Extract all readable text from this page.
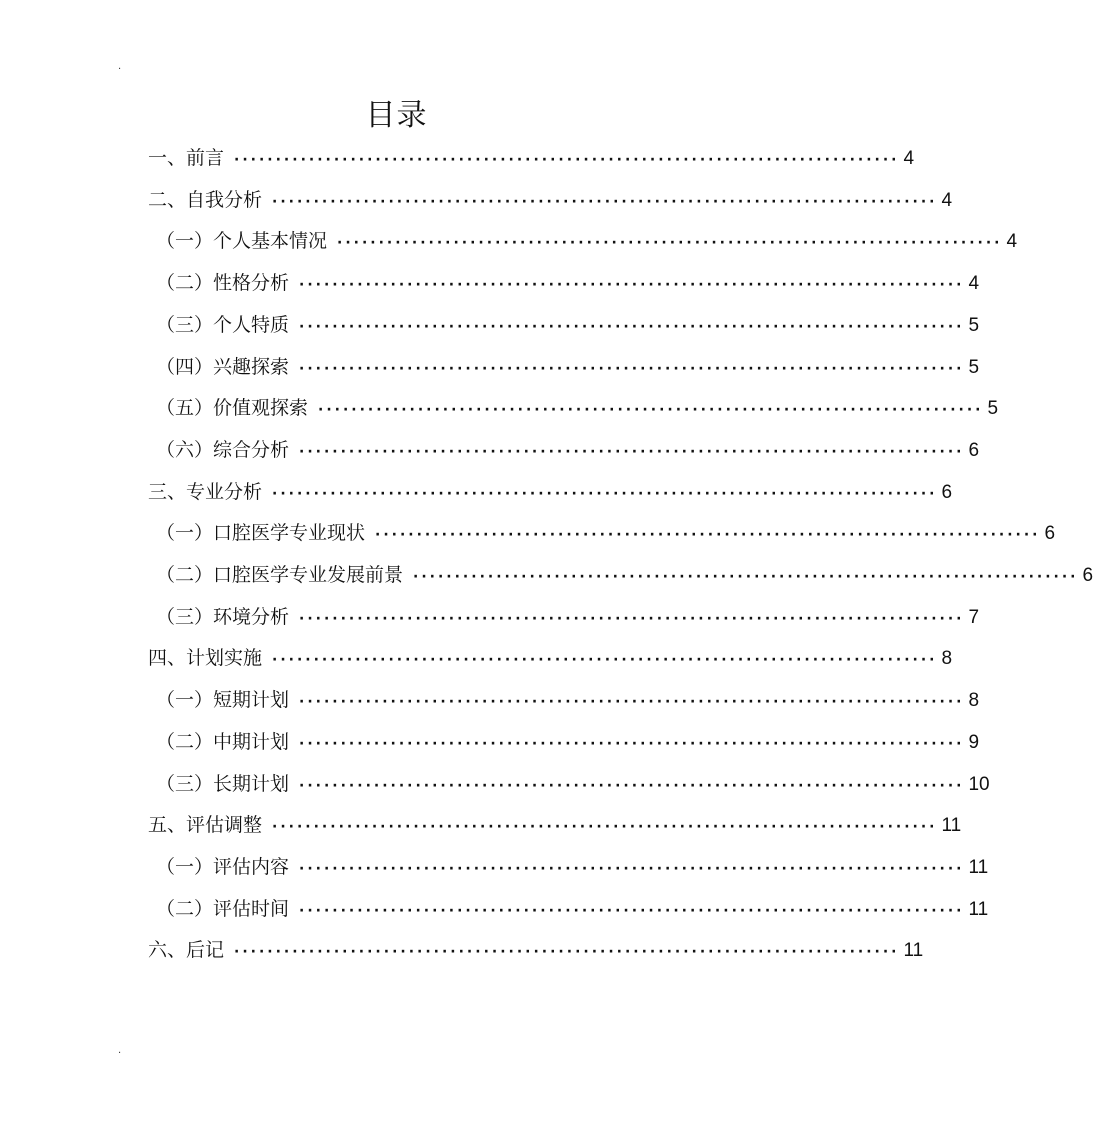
.
目录
一、前言 ················································································ 4
二、自我分析 ················································································ 4
（一）个人基本情况 ················································································ 4
（二）性格分析 ················································································ 4
（三）个人特质 ················································································ 5
（四）兴趣探索 ················································································ 5
（五）价值观探索 ················································································ 5
（六）综合分析 ················································································ 6
三、专业分析 ················································································ 6
（一）口腔医学专业现状 ················································································ 6
（二）口腔医学专业发展前景 ················································································ 6
（三）环境分析 ················································································ 7
四、计划实施 ················································································ 8
（一）短期计划 ················································································ 8
（二）中期计划 ················································································ 9
（三）长期计划 ················································································ 10
五、评估调整 ················································································ 11
（一）评估内容 ················································································ 11
（二）评估时间 ················································································ 11
六、后记 ················································································ 11
.
